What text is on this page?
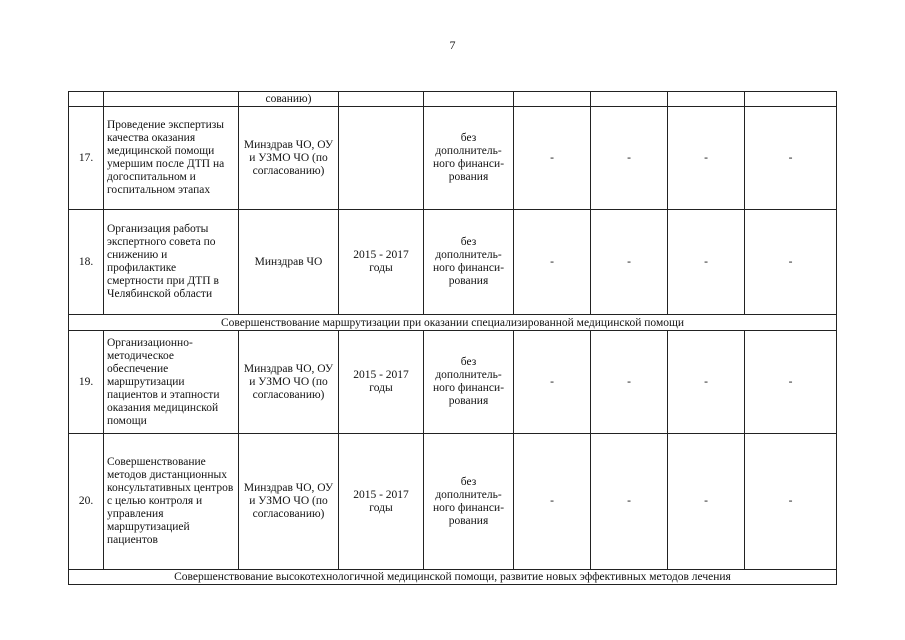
7
		сованию)						
17.	Проведение экспертизы качества оказания медицинской помощи умершим после ДТП на догоспитальном и госпитальном этапах	Минздрав ЧО, ОУ и УЗМО ЧО (по согласованию)		без дополнитель-ного финанси-рования	-	-	-	-
18.	Организация работы экспертного совета по снижению и профилактике смертности при ДТП в Челябинской области	Минздрав ЧО	2015 - 2017 годы	без дополнитель-ного финанси-рования	-	-	-	-
Совершенствование маршрутизации при оказании специализированной медицинской помощи								
19.	Организационно-методическое обеспечение маршрутизации пациентов и этапности оказания медицинской помощи	Минздрав ЧО, ОУ и УЗМО ЧО (по согласованию)	2015 - 2017 годы	без дополнитель-ного финанси-рования	-	-	-	-
20.	Совершенствование методов дистанционных консультативных центров с целью контроля и управления маршрутизацией пациентов	Минздрав ЧО, ОУ и УЗМО ЧО (по согласованию)	2015 - 2017 годы	без дополнитель-ного финанси-рования	-	-	-	-
Совершенствование высокотехнологичной медицинской помощи, развитие новых эффективных методов лечения								
